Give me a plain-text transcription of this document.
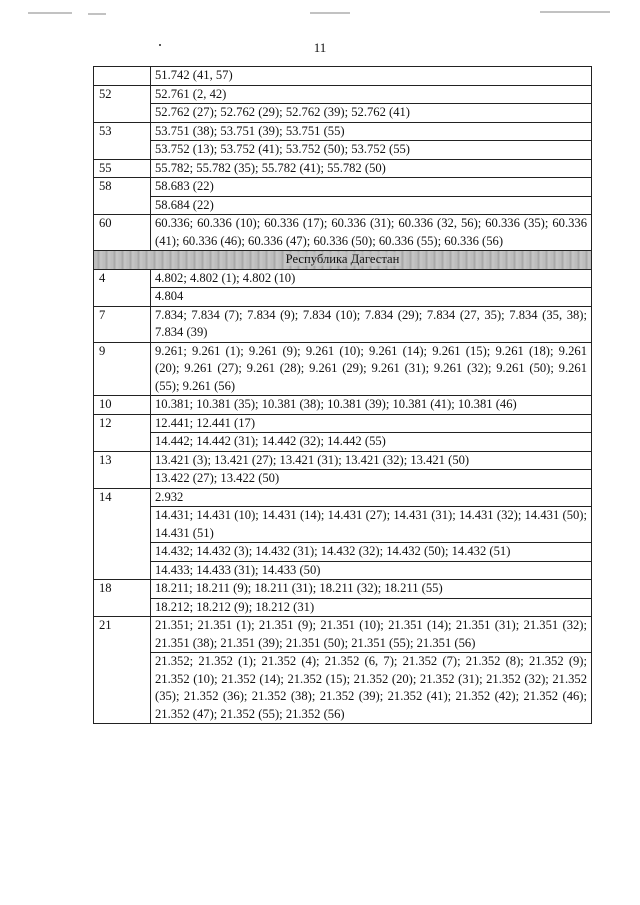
11
	51.742 (41, 57)
52	52.761 (2, 42)
	52.762 (27); 52.762 (29); 52.762 (39); 52.762 (41)
53	53.751 (38); 53.751 (39); 53.751 (55)
	53.752 (13); 53.752 (41); 53.752 (50); 53.752 (55)
55	55.782; 55.782 (35); 55.782 (41); 55.782 (50)
58	58.683 (22)
	58.684 (22)
60	60.336; 60.336 (10); 60.336 (17); 60.336 (31); 60.336 (32, 56); 60.336 (35); 60.336 (41); 60.336 (46); 60.336 (47); 60.336 (50); 60.336 (55); 60.336 (56)
Республика Дагестан	
4	4.802; 4.802 (1); 4.802 (10)
	4.804
7	7.834; 7.834 (7); 7.834 (9); 7.834 (10); 7.834 (29); 7.834 (27, 35); 7.834 (35, 38); 7.834 (39)
9	9.261; 9.261 (1); 9.261 (9); 9.261 (10); 9.261 (14); 9.261 (15); 9.261 (18); 9.261 (20); 9.261 (27); 9.261 (28); 9.261 (29); 9.261 (31); 9.261 (32); 9.261 (50); 9.261 (55); 9.261 (56)
10	10.381; 10.381 (35); 10.381 (38); 10.381 (39); 10.381 (41); 10.381 (46)
12	12.441; 12.441 (17)
	14.442; 14.442 (31); 14.442 (32); 14.442 (55)
13	13.421 (3); 13.421 (27); 13.421 (31); 13.421 (32); 13.421 (50)
	13.422 (27); 13.422 (50)
14	2.932
	14.431; 14.431 (10); 14.431 (14); 14.431 (27); 14.431 (31); 14.431 (32); 14.431 (50); 14.431 (51)
	14.432; 14.432 (3); 14.432 (31); 14.432 (32); 14.432 (50); 14.432 (51)
	14.433; 14.433 (31); 14.433 (50)
18	18.211; 18.211 (9); 18.211 (31); 18.211 (32); 18.211 (55)
	18.212; 18.212 (9); 18.212 (31)
21	21.351; 21.351 (1); 21.351 (9); 21.351 (10); 21.351 (14); 21.351 (31); 21.351 (32); 21.351 (38); 21.351 (39); 21.351 (50); 21.351 (55); 21.351 (56)
	21.352; 21.352 (1); 21.352 (4); 21.352 (6, 7); 21.352 (7); 21.352 (8); 21.352 (9); 21.352 (10); 21.352 (14); 21.352 (15); 21.352 (20); 21.352 (31); 21.352 (32); 21.352 (35); 21.352 (36); 21.352 (38); 21.352 (39); 21.352 (41); 21.352 (42); 21.352 (46); 21.352 (47); 21.352 (55); 21.352 (56)
